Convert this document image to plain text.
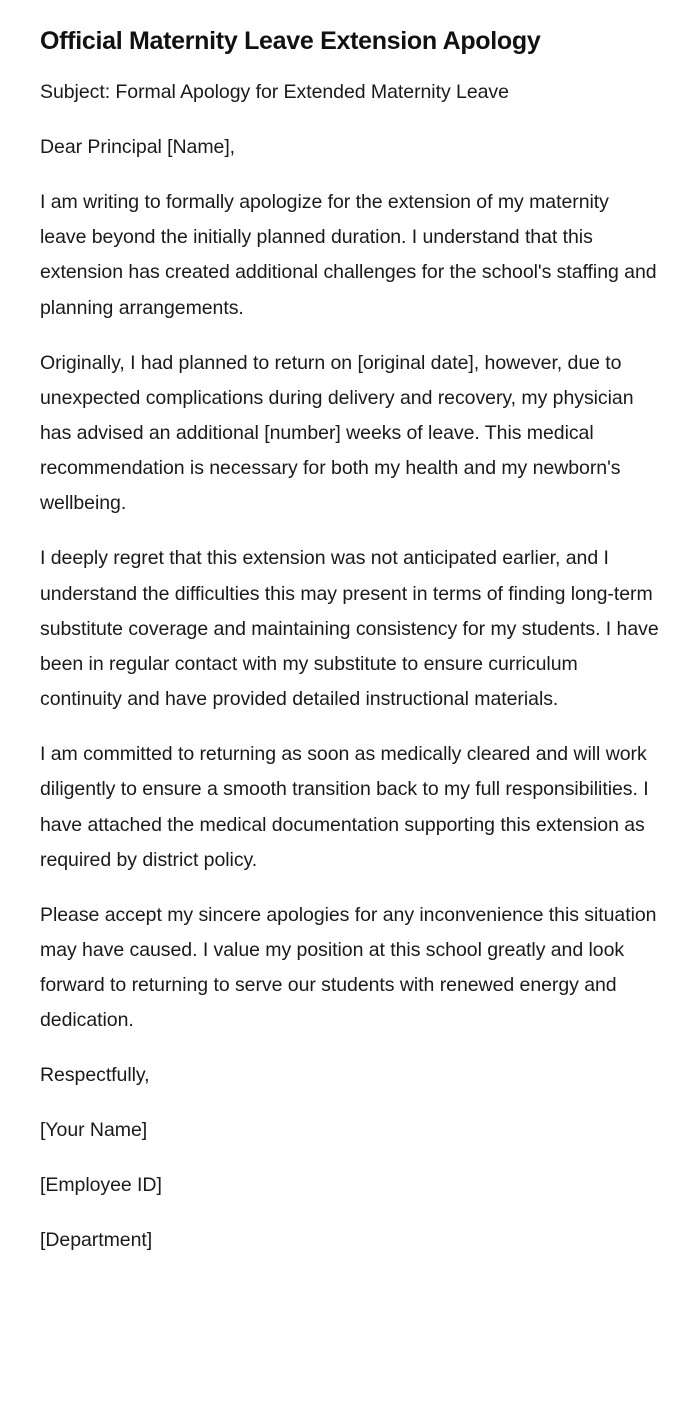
Official Maternity Leave Extension Apology

Subject: Formal Apology for Extended Maternity Leave

Dear Principal [Name],

I am writing to formally apologize for the extension of my maternity leave beyond the initially planned duration. I understand that this extension has created additional challenges for the school's staffing and planning arrangements.

Originally, I had planned to return on [original date], however, due to unexpected complications during delivery and recovery, my physician has advised an additional [number] weeks of leave. This medical recommendation is necessary for both my health and my newborn's wellbeing.

I deeply regret that this extension was not anticipated earlier, and I understand the difficulties this may present in terms of finding long-term substitute coverage and maintaining consistency for my students. I have been in regular contact with my substitute to ensure curriculum continuity and have provided detailed instructional materials.

I am committed to returning as soon as medically cleared and will work diligently to ensure a smooth transition back to my full responsibilities. I have attached the medical documentation supporting this extension as required by district policy.

Please accept my sincere apologies for any inconvenience this situation may have caused. I value my position at this school greatly and look forward to returning to serve our students with renewed energy and dedication.

Respectfully,

[Your Name]

[Employee ID]

[Department]
